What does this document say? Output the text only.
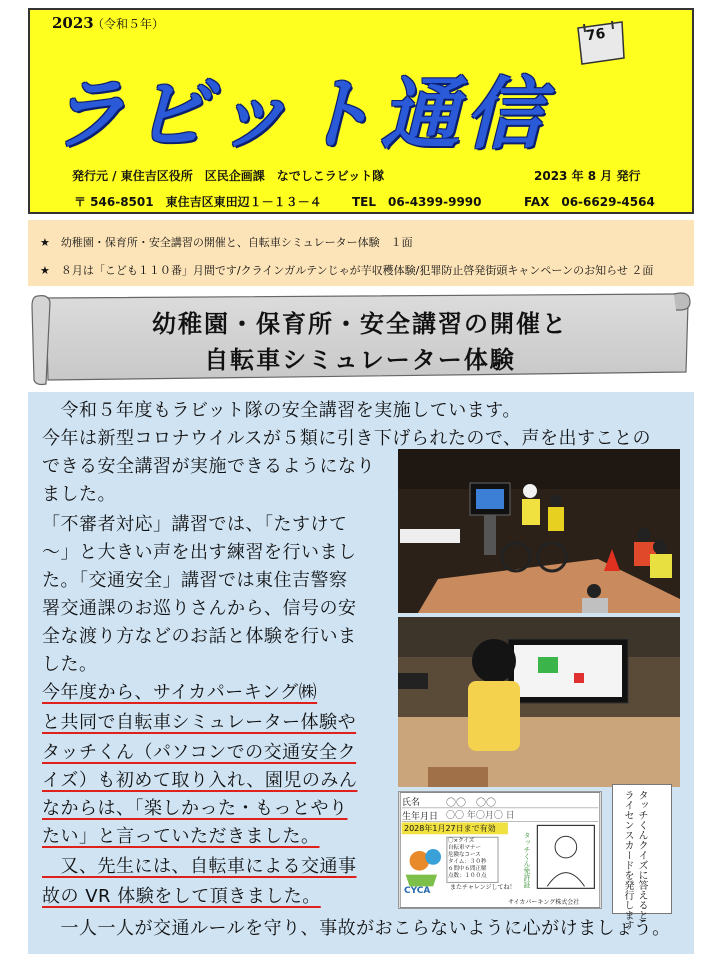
2023
（令和５年）
76
ラビット通信
発行元 / 東住吉区役所　区民企画課　なでしこラビット隊	2023 年 8 月 発行
〒 546-8501　東住吉区東田辺１－１３－４	TEL　06-4399-9990	FAX　06-6629-4564
★　幼稚園・保育所・安全講習の開催と、自転車シミュレーター体験　１面
★　８月は「こども１１０番」月間です/クラインガルテンじゃが芋収穫体験/犯罪防止啓発街頭キャンペーンのお知らせ ２面
幼稚園・保育所・安全講習の開催と
自転車シミュレーター体験
　令和５年度もラビット隊の安全講習を実施しています。
今年は新型コロナウイルスが５類に引き下げられたので、声を出すことの
できる安全講習が実施できるようになり
ました。
「不審者対応」講習では、「たすけて
～」と大きい声を出す練習を行いまし
た。「交通安全」講習では東住吉警察
署交通課のお巡りさんから、信号の安
全な渡り方などのお話と体験を行いま
した。
今年度から、サイカパーキング㈱
と共同で自転車シミュレーター体験や
タッチくん（パソコンでの交通安全ク
イズ）も初めて取り入れ、園児のみん
なからは、「楽しかった・もっとやり
たい」と言っていただきました。
　又、先生には、自転車による交通事
故の VR 体験をして頂きました。
　一人一人が交通ルールを守り、事故がおこらないように心がけましょう。
氏名	〇〇　〇〇
生年月日 〇〇 年〇月〇 日
2028年1月27日まで有効
〇×クイズ
自転車マナー
危険なコース
タイム：３０秒
６問中６問正解
点数：１００点	タッチくん免許証
CYCA	またチャレンジしてね！
サイカパーキング株式会社	タッチくんクイズに答えると
ライセンスカードを発行します
